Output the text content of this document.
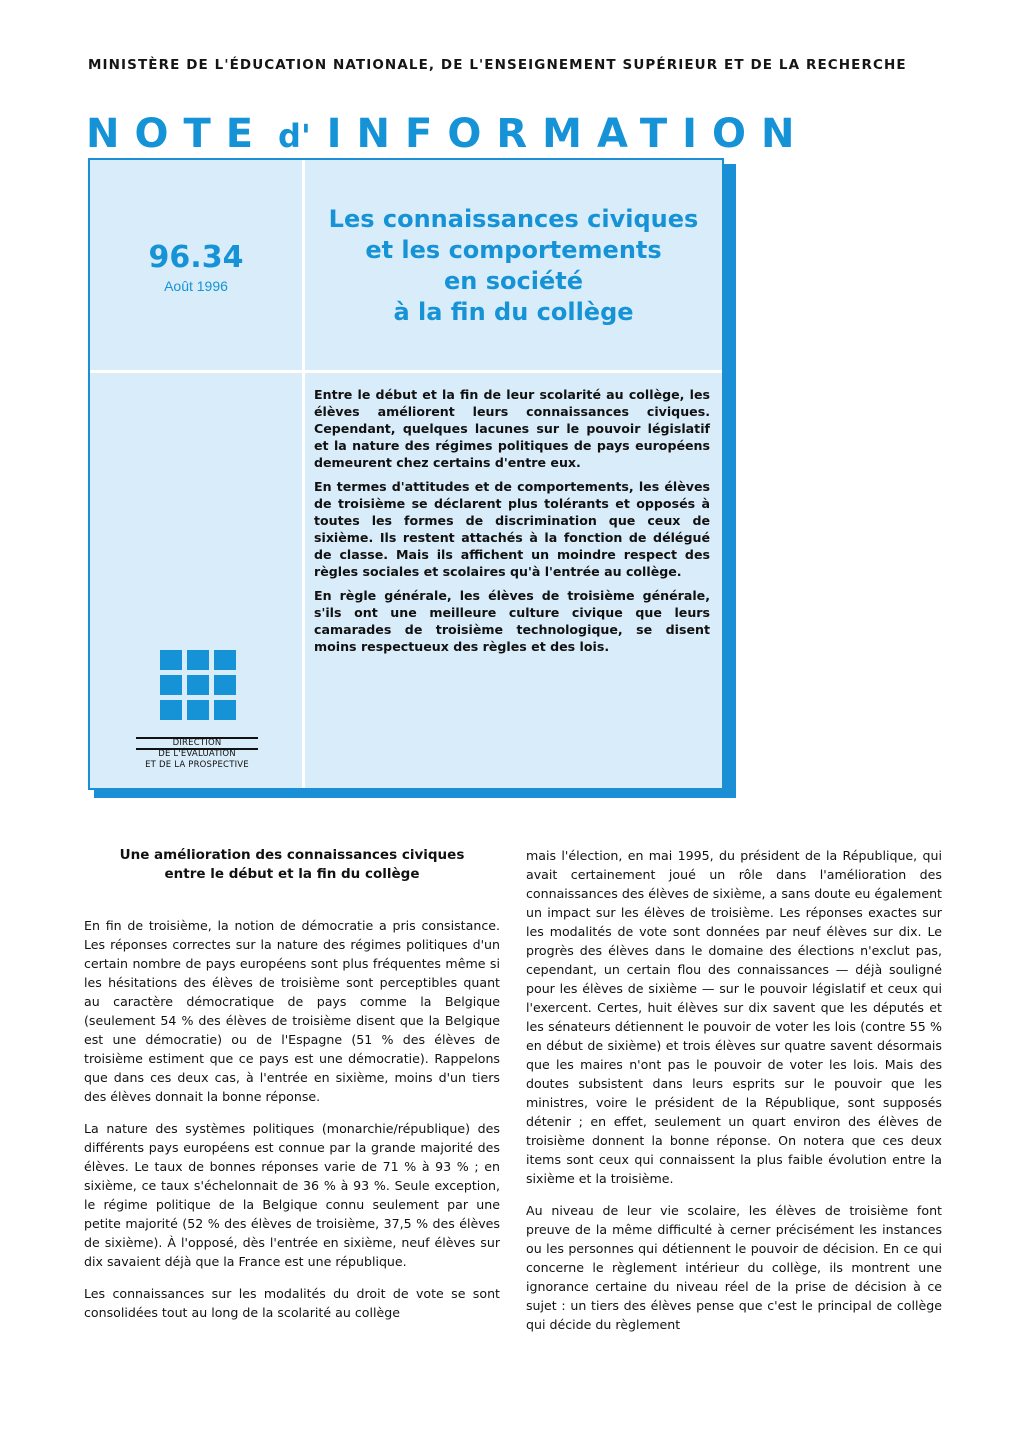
MINISTÈRE DE L'ÉDUCATION NATIONALE, DE L'ENSEIGNEMENT SUPÉRIEUR ET DE LA RECHERCHE
NOTE d' INFORMATION
96.34
Août 1996
Les connaissances civiques
et les comportements
en société
à la fin du collège

Entre le début et la fin de leur scolarité au collège, les élèves améliorent leurs connaissances civiques. Cependant, quelques lacunes sur le pouvoir législatif et la nature des régimes politiques de pays européens demeurent chez certains d'entre eux.

En termes d'attitudes et de comportements, les élèves de troisième se déclarent plus tolérants et opposés à toutes les formes de discrimination que ceux de sixième. Ils restent attachés à la fonction de délégué de classe. Mais ils affichent un moindre respect des règles sociales et scolaires qu'à l'entrée au collège.

En règle générale, les élèves de troisième générale, s'ils ont une meilleure culture civique que leurs camarades de troisième technologique, se disent moins respectueux des règles et des lois.

DIRECTION
DE L'ÉVALUATION
ET DE LA PROSPECTIVE

Une amélioration des connaissances civiques
entre le début et la fin du collège

En fin de troisième, la notion de démocratie a pris consistance. Les réponses correctes sur la nature des régimes politiques d'un certain nombre de pays européens sont plus fréquentes même si les hésitations des élèves de troisième sont perceptibles quant au caractère démocratique de pays comme la Belgique (seulement 54 % des élèves de troisième disent que la Belgique est une démocratie) ou de l'Espagne (51 % des élèves de troisième estiment que ce pays est une démocratie). Rappelons que dans ces deux cas, à l'entrée en sixième, moins d'un tiers des élèves donnait la bonne réponse.

La nature des systèmes politiques (monarchie/république) des différents pays européens est connue par la grande majorité des élèves. Le taux de bonnes réponses varie de 71 % à 93 % ; en sixième, ce taux s'échelonnait de 36 % à 93 %. Seule exception, le régime politique de la Belgique connu seulement par une petite majorité (52 % des élèves de troisième, 37,5 % des élèves de sixième). À l'opposé, dès l'entrée en sixième, neuf élèves sur dix savaient déjà que la France est une république.

Les connaissances sur les modalités du droit de vote se sont consolidées tout au long de la scolarité au collège

mais l'élection, en mai 1995, du président de la République, qui avait certainement joué un rôle dans l'amélioration des connaissances des élèves de sixième, a sans doute eu également un impact sur les élèves de troisième. Les réponses exactes sur les modalités de vote sont données par neuf élèves sur dix. Le progrès des élèves dans le domaine des élections n'exclut pas, cependant, un certain flou des connaissances — déjà souligné pour les élèves de sixième — sur le pouvoir législatif et ceux qui l'exercent. Certes, huit élèves sur dix savent que les députés et les sénateurs détiennent le pouvoir de voter les lois (contre 55 % en début de sixième) et trois élèves sur quatre savent désormais que les maires n'ont pas le pouvoir de voter les lois. Mais des doutes subsistent dans leurs esprits sur le pouvoir que les ministres, voire le président de la République, sont supposés détenir ; en effet, seulement un quart environ des élèves de troisième donnent la bonne réponse. On notera que ces deux items sont ceux qui connaissent la plus faible évolution entre la sixième et la troisième.

Au niveau de leur vie scolaire, les élèves de troisième font preuve de la même difficulté à cerner précisément les instances ou les personnes qui détiennent le pouvoir de décision. En ce qui concerne le règlement intérieur du collège, ils montrent une ignorance certaine du niveau réel de la prise de décision à ce sujet : un tiers des élèves pense que c'est le principal de collège qui décide du règlement
